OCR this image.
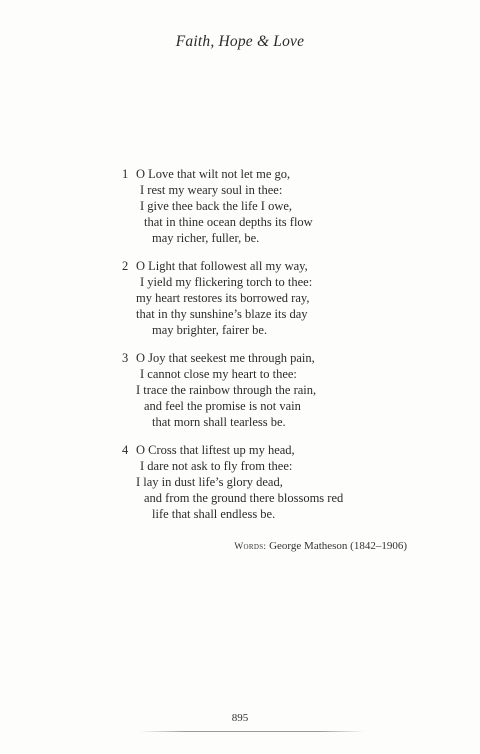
Faith, Hope & Love
1 O Love that wilt not let me go,
I rest my weary soul in thee:
I give thee back the life I owe,
that in thine ocean depths its flow
may richer, fuller, be.
2 O Light that followest all my way,
I yield my flickering torch to thee:
my heart restores its borrowed ray,
that in thy sunshine’s blaze its day
may brighter, fairer be.
3 O Joy that seekest me through pain,
I cannot close my heart to thee:
I trace the rainbow through the rain,
and feel the promise is not vain
that morn shall tearless be.
4 O Cross that liftest up my head,
I dare not ask to fly from thee:
I lay in dust life’s glory dead,
and from the ground there blossoms red
life that shall endless be.
Words: George Matheson (1842–1906)
895
